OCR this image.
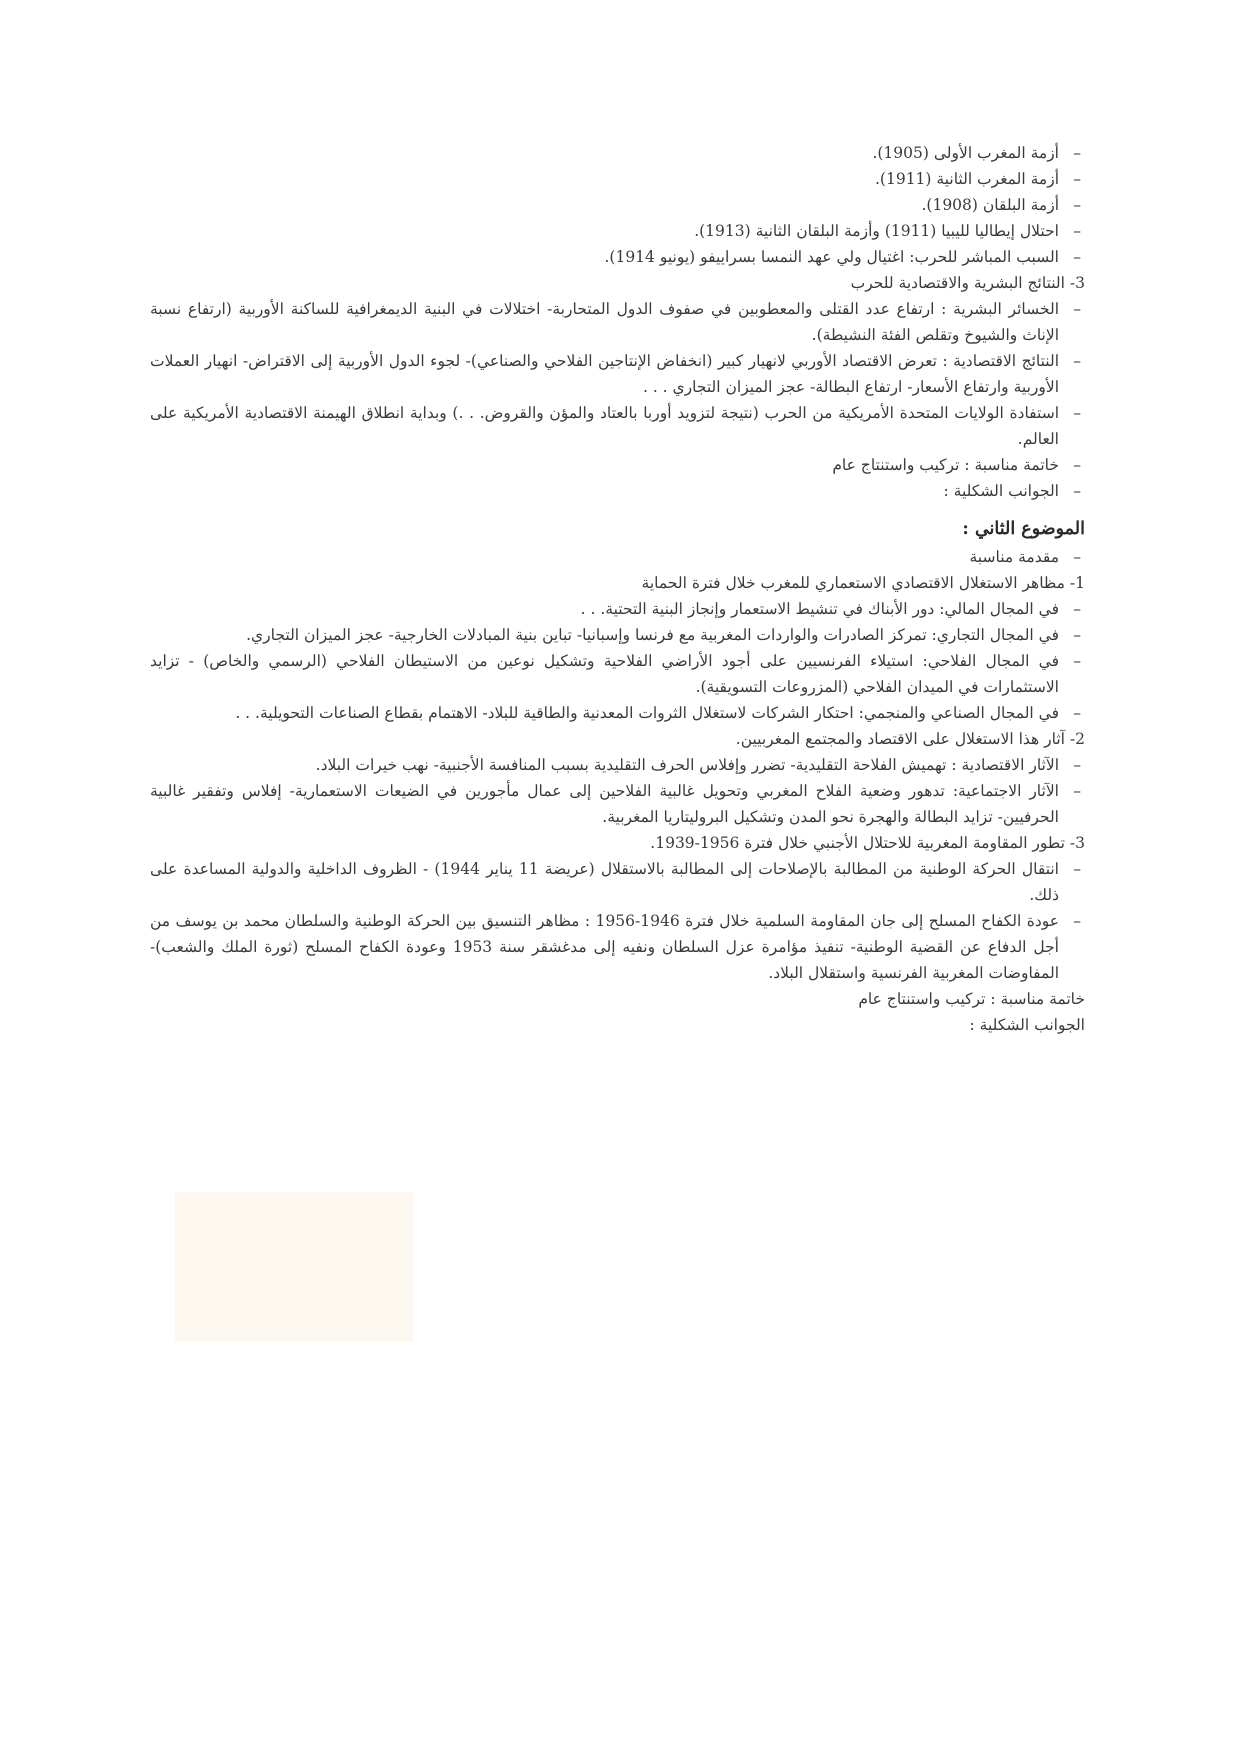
– أزمة المغرب الأولى (1905).
– أزمة المغرب الثانية (1911).
– أزمة البلقان (1908).
– احتلال إيطاليا لليبيا (1911) وأزمة البلقان الثانية (1913).
– السبب المباشر للحرب: اغتيال ولي عهد النمسا بسراييفو (يونيو 1914).
3- النتائج البشرية والاقتصادية للحرب
– الخسائر البشرية : ارتفاع عدد القتلى والمعطوبين في صفوف الدول المتحاربة- اختلالات في البنية الديمغرافية للساكنة الأوربية (ارتفاع نسبة الإناث والشيوخ وتقلص الفئة النشيطة).
– النتائج الاقتصادية : تعرض الاقتصاد الأوربي لانهيار كبير (انخفاض الإنتاجين الفلاحي والصناعي)- لجوء الدول الأوربية إلى الاقتراض- انهيار العملات الأوربية وارتفاع الأسعار- ارتفاع البطالة- عجز الميزان التجاري . . .
– استفادة الولايات المتحدة الأمريكية من الحرب (نتيجة لتزويد أوربا بالعتاد والمؤن والقروض. . .) وبداية انطلاق الهيمنة الاقتصادية الأمريكية على العالم.
– خاتمة مناسبة : تركيب واستنتاج عام
– الجوانب الشكلية :
الموضوع الثاني :
– مقدمة مناسبة
1- مظاهر الاستغلال الاقتصادي الاستعماري للمغرب خلال فترة الحماية
– في المجال المالي: دور الأبناك في تنشيط الاستعمار وإنجاز البنية التحتية. . .
– في المجال التجاري: تمركز الصادرات والواردات المغربية مع فرنسا وإسبانيا- تباين بنية المبادلات الخارجية- عجز الميزان التجاري.
– في المجال الفلاحي: استيلاء الفرنسيين على أجود الأراضي الفلاحية وتشكيل نوعين من الاستيطان الفلاحي (الرسمي والخاص) - تزايد الاستثمارات في الميدان الفلاحي (المزروعات التسويقية).
– في المجال الصناعي والمنجمي: احتكار الشركات لاستغلال الثروات المعدنية والطاقية للبلاد- الاهتمام بقطاع الصناعات التحويلية. . .
2- آثار هذا الاستغلال على الاقتصاد والمجتمع المغربيين.
– الآثار الاقتصادية : تهميش الفلاحة التقليدية- تضرر وإفلاس الحرف التقليدية بسبب المنافسة الأجنبية- نهب خيرات البلاد.
– الآثار الاجتماعية: تدهور وضعية الفلاح المغربي وتحويل غالبية الفلاحين إلى عمال مأجورين في الضيعات الاستعمارية- إفلاس وتفقير غالبية الحرفيين- تزايد البطالة والهجرة نحو المدن وتشكيل البروليتاريا المغربية.
3- تطور المقاومة المغربية للاحتلال الأجنبي خلال فترة 1956-1939.
– انتقال الحركة الوطنية من المطالبة بالإصلاحات إلى المطالبة بالاستقلال (عريضة 11 يناير 1944) - الظروف الداخلية والدولية المساعدة على ذلك.
– عودة الكفاح المسلح إلى جان المقاومة السلمية خلال فترة 1946-1956 : مظاهر التنسيق بين الحركة الوطنية والسلطان محمد بن يوسف من أجل الدفاع عن القضية الوطنية- تنفيذ مؤامرة عزل السلطان ونفيه إلى مدغشقر سنة 1953 وعودة الكفاح المسلح (ثورة الملك والشعب)- المفاوضات المغربية الفرنسية واستقلال البلاد.
خاتمة مناسبة : تركيب واستنتاج عام
الجوانب الشكلية :
